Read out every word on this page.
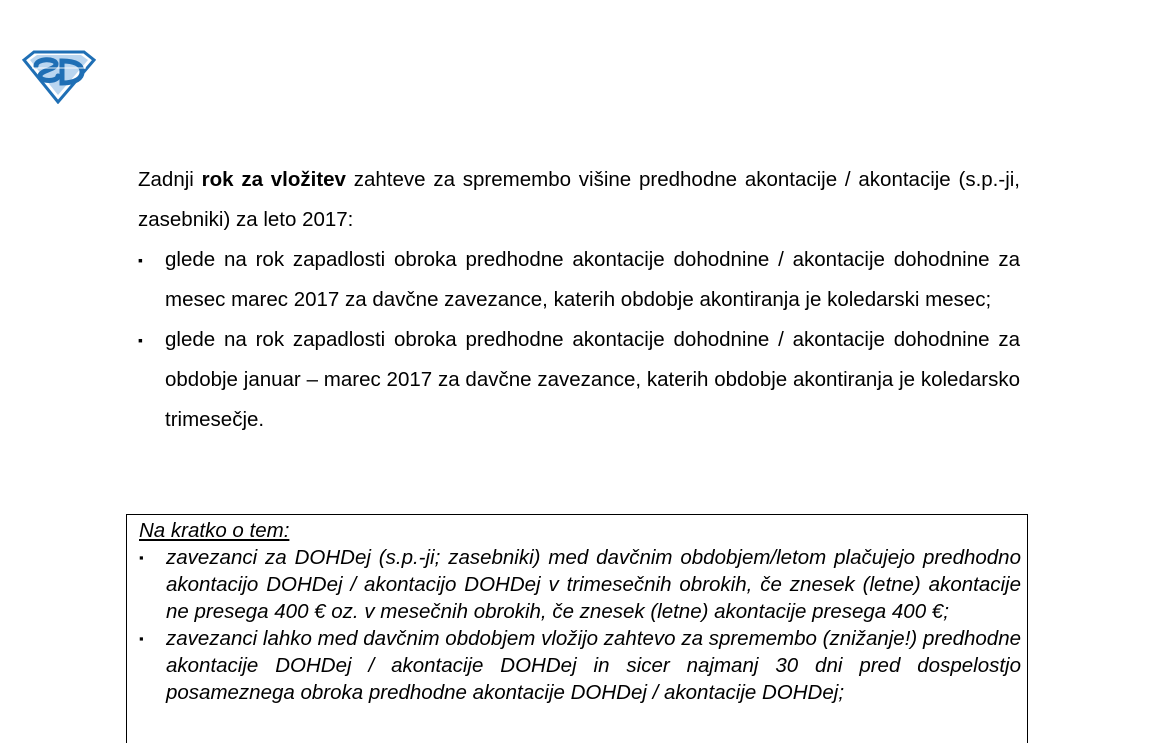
Zadnji rok za vložitev zahteve za spremembo višine predhodne akontacije / akontacije (s.p.-ji, zasebniki) za leto 2017:

▪ glede na rok zapadlosti obroka predhodne akontacije dohodnine / akontacije dohodnine za mesec marec 2017 za davčne zavezance, katerih obdobje akontiranja je koledarski mesec;
▪ glede na rok zapadlosti obroka predhodne akontacije dohodnine / akontacije dohodnine za obdobje januar – marec 2017 za davčne zavezance, katerih obdobje akontiranja je koledarsko trimesečje.

Na kratko o tem:

▪ zavezanci za DOHDej (s.p.-ji; zasebniki) med davčnim obdobjem/letom plačujejo predhodno akontacijo DOHDej / akontacijo DOHDej v trimesečnih obrokih, če znesek (letne) akontacije ne presega 400 € oz. v mesečnih obrokih, če znesek (letne) akontacije presega 400 €;
▪ zavezanci lahko med davčnim obdobjem vložijo zahtevo za spremembo (znižanje!) predhodne akontacije DOHDej / akontacije DOHDej in sicer najmanj 30 dni pred dospelostjo posameznega obroka predhodne akontacije DOHDej / akontacije DOHDej;
